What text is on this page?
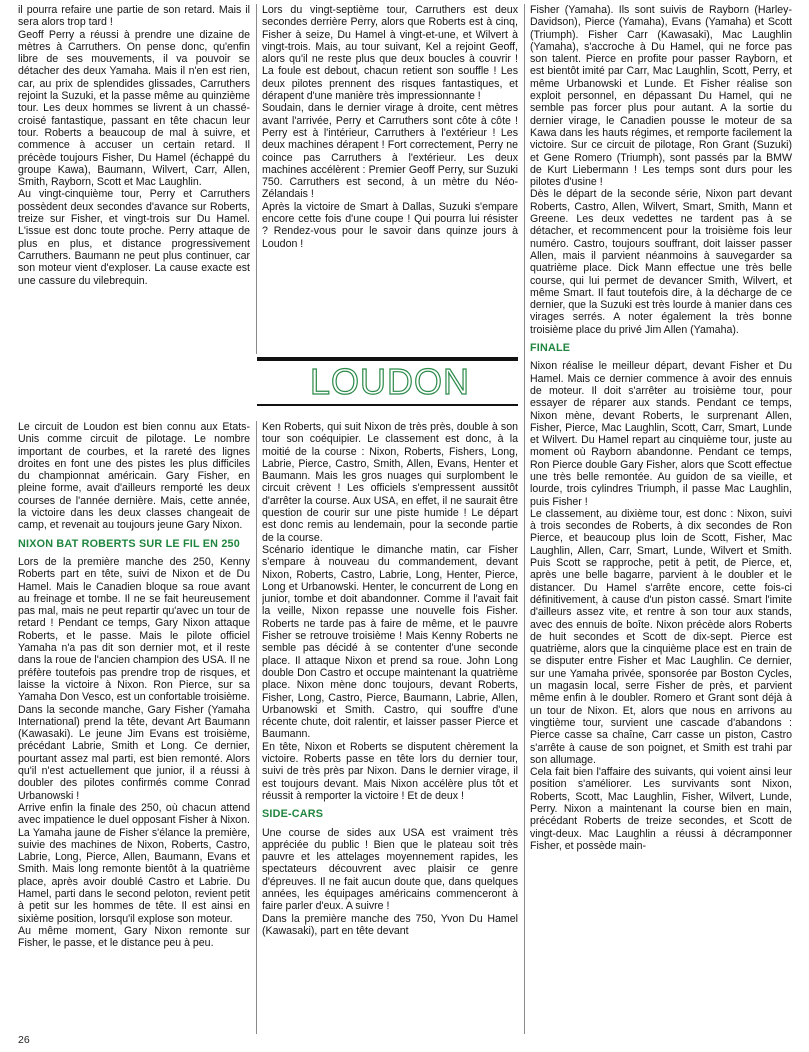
il pourra refaire une partie de son retard. Mais il sera alors trop tard !

Geoff Perry a réussi à prendre une dizaine de mètres à Carruthers. On pense donc, qu'enfin libre de ses mouvements, il va pouvoir se détacher des deux Yamaha. Mais il n'en est rien, car, au prix de splendides glissades, Carruthers rejoint la Suzuki, et la passe même au quinzième tour. Les deux hommes se livrent à un chassé-croisé fantastique, passant en tête chacun leur tour. Roberts a beaucoup de mal à suivre, et commence à accuser un certain retard. Il précède toujours Fisher, Du Hamel (échappé du groupe Kawa), Baumann, Wilvert, Carr, Allen, Smith, Rayborn, Scott et Mac Laughlin.

Au vingt-cinquième tour, Perry et Carruthers possèdent deux secondes d'avance sur Roberts, treize sur Fisher, et vingt-trois sur Du Hamel. L'issue est donc toute proche. Perry attaque de plus en plus, et distance progressivement Carruthers. Baumann ne peut plus continuer, car son moteur vient d'exploser. La cause exacte est une cassure du vilebrequin.

Lors du vingt-septième tour, Carruthers est deux secondes derrière Perry, alors que Roberts est à cinq, Fisher à seize, Du Hamel à vingt-et-une, et Wilvert à vingt-trois. Mais, au tour suivant, Kel a rejoint Geoff, alors qu'il ne reste plus que deux boucles à couvrir ! La foule est debout, chacun retient son souffle ! Les deux pilotes prennent des risques fantastiques, et dérapent d'une manière très impressionnante !

Soudain, dans le dernier virage à droite, cent mètres avant l'arrivée, Perry et Carruthers sont côte à côte ! Perry est à l'intérieur, Carruthers à l'extérieur ! Les deux machines dérapent ! Fort correctement, Perry ne coince pas Carruthers à l'extérieur. Les deux machines accélèrent : Premier Geoff Perry, sur Suzuki 750. Carruthers est second, à un mètre du Néo-Zélandais !

Après la victoire de Smart à Dallas, Suzuki s'empare encore cette fois d'une coupe ! Qui pourra lui résister ? Rendez-vous pour le savoir dans quinze jours à Loudon !

LOUDON

Fisher (Yamaha). Ils sont suivis de Rayborn (Harley-Davidson), Pierce (Yamaha), Evans (Yamaha) et Scott (Triumph). Fisher Carr (Kawasaki), Mac Laughlin (Yamaha), s'accroche à Du Hamel, qui ne force pas son talent. Pierce en profite pour passer Rayborn, et est bientôt imité par Carr, Mac Laughlin, Scott, Perry, et même Urbanowski et Lunde. Et Fisher réalise son exploit personnel, en dépassant Du Hamel, qui ne semble pas forcer plus pour autant. A la sortie du dernier virage, le Canadien pousse le moteur de sa Kawa dans les hauts régimes, et remporte facilement la victoire. Sur ce circuit de pilotage, Ron Grant (Suzuki) et Gene Romero (Triumph), sont passés par la BMW de Kurt Liebermann ! Les temps sont durs pour les pilotes d'usine !

Dès le départ de la seconde série, Nixon part devant Roberts, Castro, Allen, Wilvert, Smart, Smith, Mann et Greene. Les deux vedettes ne tardent pas à se détacher, et recommencent pour la troisième fois leur numéro. Castro, toujours souffrant, doit laisser passer Allen, mais il parvient néanmoins à sauvegarder sa quatrième place. Dick Mann effectue une très belle course, qui lui permet de devancer Smith, Wilvert, et même Smart. Il faut toutefois dire, à la décharge de ce dernier, que la Suzuki est très lourde à manier dans ces virages serrés. A noter également la très bonne troisième place du privé Jim Allen (Yamaha).

FINALE

Nixon réalise le meilleur départ, devant Fisher et Du Hamel. Mais ce dernier commence à avoir des ennuis de moteur. Il doit s'arrêter au troisième tour, pour essayer de réparer aux stands. Pendant ce temps, Nixon mène, devant Roberts, le surprenant Allen, Fisher, Pierce, Mac Laughlin, Scott, Carr, Smart, Lunde et Wilvert. Du Hamel repart au cinquième tour, juste au moment où Rayborn abandonne. Pendant ce temps, Ron Pierce double Gary Fisher, alors que Scott effectue une très belle remontée. Au guidon de sa vieille, et lourde, trois cylindres Triumph, il passe Mac Laughlin, puis Fisher !

Le classement, au dixième tour, est donc : Nixon, suivi à trois secondes de Roberts, à dix secondes de Ron Pierce, et beaucoup plus loin de Scott, Fisher, Mac Laughlin, Allen, Carr, Smart, Lunde, Wilvert et Smith. Puis Scott se rapproche, petit à petit, de Pierce, et, après une belle bagarre, parvient à le doubler et le distancer. Du Hamel s'arrête encore, cette fois-ci définitivement, à cause d'un piston cassé. Smart l'imite d'ailleurs assez vite, et rentre à son tour aux stands, avec des ennuis de boîte. Nixon précède alors Roberts de huit secondes et Scott de dix-sept. Pierce est quatrième, alors que la cinquième place est en train de se disputer entre Fisher et Mac Laughlin. Ce dernier, sur une Yamaha privée, sponsorée par Boston Cycles, un magasin local, serre Fisher de près, et parvient même enfin à le doubler. Romero et Grant sont déjà à un tour de Nixon. Et, alors que nous en arrivons au vingtième tour, survient une cascade d'abandons : Pierce casse sa chaîne, Carr casse un piston, Castro s'arrête à cause de son poignet, et Smith est trahi par son allumage.

Cela fait bien l'affaire des suivants, qui voient ainsi leur position s'améliorer. Les survivants sont Nixon, Roberts, Scott, Mac Laughlin, Fisher, Wilvert, Lunde, Perry. Nixon a maintenant la course bien en main, précédant Roberts de treize secondes, et Scott de vingt-deux. Mac Laughlin a réussi à décramponner Fisher, et possède main-

Le circuit de Loudon est bien connu aux Etats-Unis comme circuit de pilotage. Le nombre important de courbes, et la rareté des lignes droites en font une des pistes les plus difficiles du championnat américain. Gary Fisher, en pleine forme, avait d'ailleurs remporté les deux courses de l'année dernière. Mais, cette année, la victoire dans les deux classes changeait de camp, et revenait au toujours jeune Gary Nixon.

NIXON BAT ROBERTS SUR LE FIL EN 250

Lors de la première manche des 250, Kenny Roberts part en tête, suivi de Nixon et de Du Hamel. Mais le Canadien bloque sa roue avant au freinage et tombe. Il ne se fait heureusement pas mal, mais ne peut repartir qu'avec un tour de retard ! Pendant ce temps, Gary Nixon attaque Roberts, et le passe. Mais le pilote officiel Yamaha n'a pas dit son dernier mot, et il reste dans la roue de l'ancien champion des USA. Il ne préfère toutefois pas prendre trop de risques, et laisse la victoire à Nixon. Ron Pierce, sur sa Yamaha Don Vesco, est un confortable troisième.

Dans la seconde manche, Gary Fisher (Yamaha International) prend la tête, devant Art Baumann (Kawasaki). Le jeune Jim Evans est troisième, précédant Labrie, Smith et Long. Ce dernier, pourtant assez mal parti, est bien remonté. Alors qu'il n'est actuellement que junior, il a réussi à doubler des pilotes confirmés comme Conrad Urbanowski !

Arrive enfin la finale des 250, où chacun attend avec impatience le duel opposant Fisher à Nixon. La Yamaha jaune de Fisher s'élance la première, suivie des machines de Nixon, Roberts, Castro, Labrie, Long, Pierce, Allen, Baumann, Evans et Smith. Mais long remonte bientôt à la quatrième place, après avoir doublé Castro et Labrie. Du Hamel, parti dans le second peloton, revient petit à petit sur les hommes de tête. Il est ainsi en sixième position, lorsqu'il explose son moteur.

Au même moment, Gary Nixon remonte sur Fisher, le passe, et le distance peu à peu.

Ken Roberts, qui suit Nixon de très près, double à son tour son coéquipier. Le classement est donc, à la moitié de la course : Nixon, Roberts, Fishers, Long, Labrie, Pierce, Castro, Smith, Allen, Evans, Henter et Baumann. Mais les gros nuages qui surplombent le circuit crèvent ! Les officiels s'empressent aussitôt d'arrêter la course. Aux USA, en effet, il ne saurait être question de courir sur une piste humide ! Le départ est donc remis au lendemain, pour la seconde partie de la course.

Scénario identique le dimanche matin, car Fisher s'empare à nouveau du commandement, devant Nixon, Roberts, Castro, Labrie, Long, Henter, Pierce, Long et Urbanowski. Henter, le concurrent de Long en junior, tombe et doit abandonner. Comme il l'avait fait la veille, Nixon repasse une nouvelle fois Fisher. Roberts ne tarde pas à faire de même, et le pauvre Fisher se retrouve troisième ! Mais Kenny Roberts ne semble pas décidé à se contenter d'une seconde place. Il attaque Nixon et prend sa roue. John Long double Don Castro et occupe maintenant la quatrième place. Nixon mène donc toujours, devant Roberts, Fisher, Long, Castro, Pierce, Baumann, Labrie, Allen, Urbanowski et Smith. Castro, qui souffre d'une récente chute, doit ralentir, et laisser passer Pierce et Baumann.

En tête, Nixon et Roberts se disputent chèrement la victoire. Roberts passe en tête lors du dernier tour, suivi de très près par Nixon. Dans le dernier virage, il est toujours devant. Mais Nixon accélère plus tôt et réussit à remporter la victoire ! Et de deux !

SIDE-CARS

Une course de sides aux USA est vraiment très appréciée du public ! Bien que le plateau soit très pauvre et les attelages moyennement rapides, les spectateurs découvrent avec plaisir ce genre d'épreuves. Il ne fait aucun doute que, dans quelques années, les équipages américains commenceront à faire parler d'eux. A suivre !

Dans la première manche des 750, Yvon Du Hamel (Kawasaki), part en tête devant

26
